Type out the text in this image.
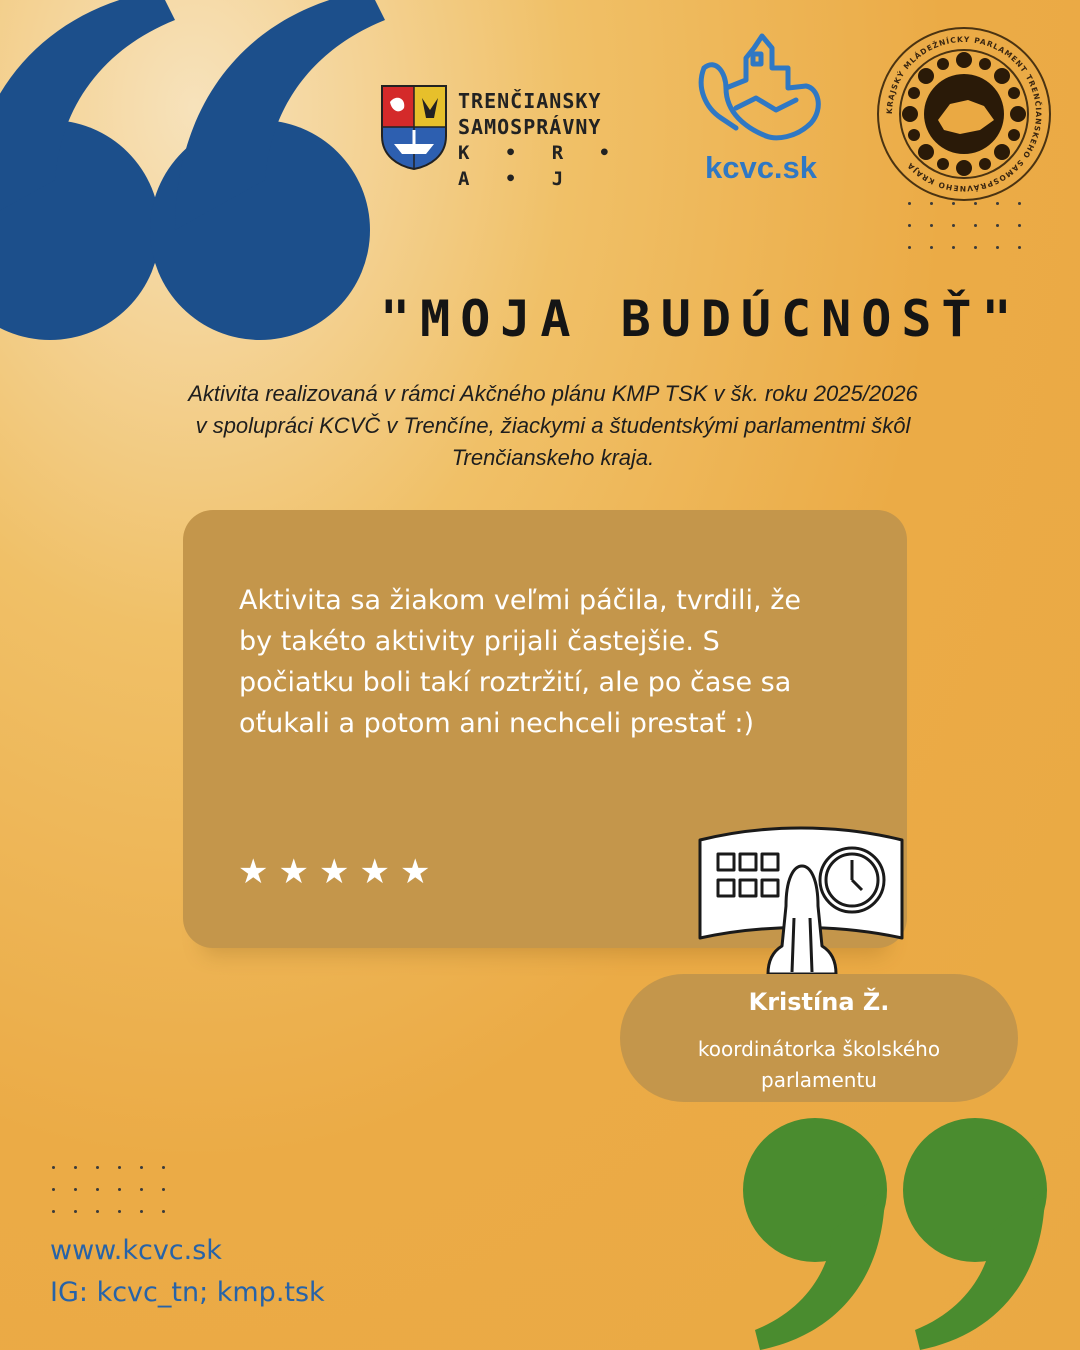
TRENČIANSKY
SAMOSPRÁVNY
K • R • A • J	kcvc.sk
KRAJSKÝ MLÁDEŽNÍCKY PARLAMENT TRENČIANSKEHO SAMOSPRÁVNEHO KRAJA
"MOJA BUDÚCNOSŤ"
Aktivita realizovaná v rámci Akčného plánu KMP TSK v šk. roku 2025/2026
v spolupráci KCVČ v Trenčíne, žiackymi a študentskými parlamentmi škôl
Trenčianskeho kraja.
Aktivita sa žiakom veľmi páčila, tvrdili, že
by takéto aktivity prijali častejšie. S
počiatku boli takí roztržití, ale po čase sa
oťukali a potom ani nechceli prestať :)
★ ★ ★ ★ ★
Kristína Ž.
koordinátorka školského parlamentu
www.kcvc.sk
IG: kcvc_tn; kmp.tsk
